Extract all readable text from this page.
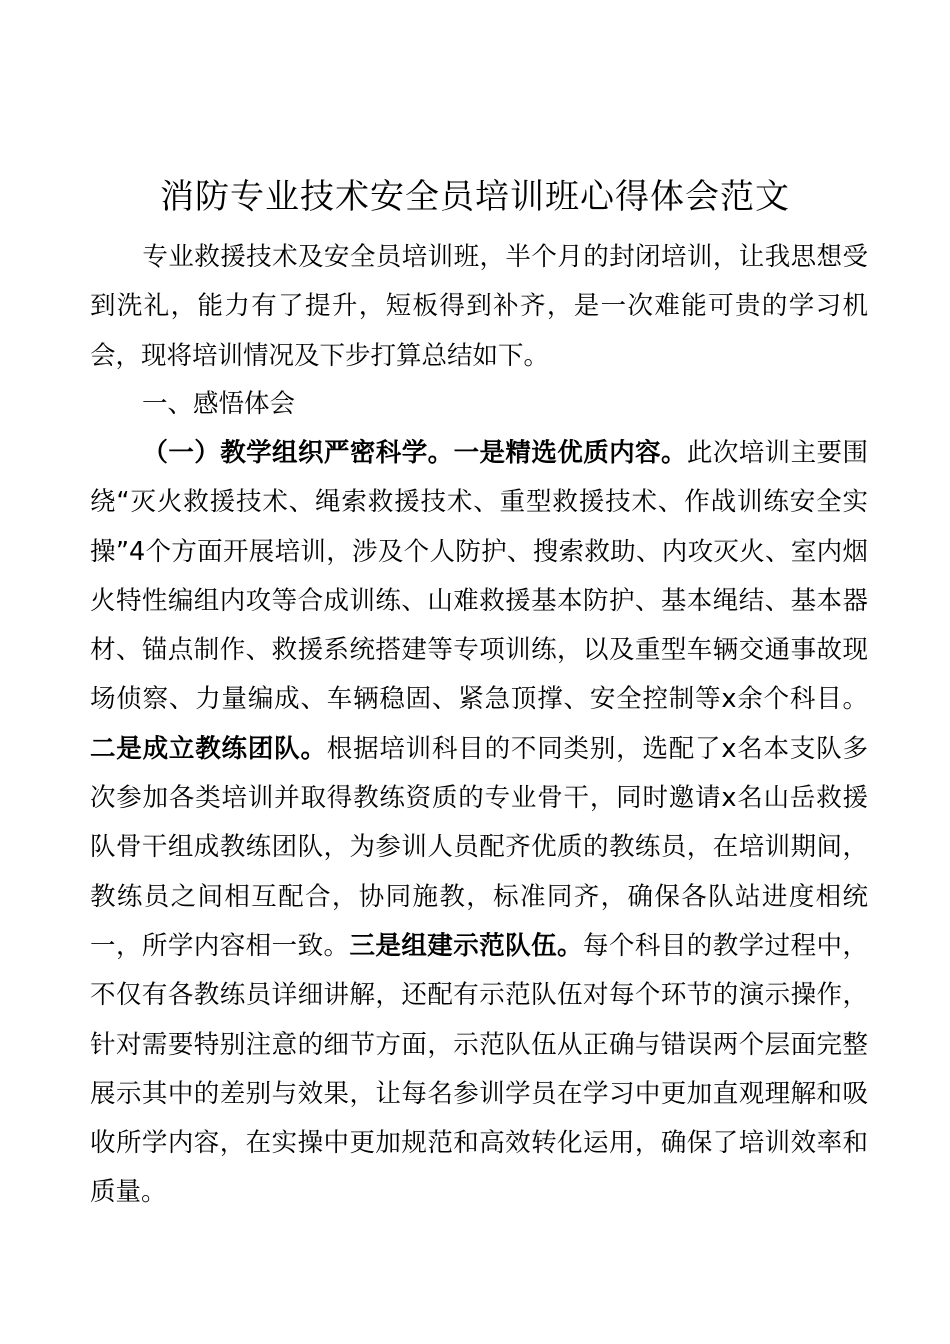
消防专业技术安全员培训班心得体会范文

专业救援技术及安全员培训班，半个月的封闭培训，让我思想受到洗礼，能力有了提升，短板得到补齐，是一次难能可贵的学习机会，现将培训情况及下步打算总结如下。

一、感悟体会

（一）教学组织严密科学。一是精选优质内容。此次培训主要围绕“灭火救援技术、绳索救援技术、重型救援技术、作战训练安全实操”4个方面开展培训，涉及个人防护、搜索救助、内攻灭火、室内烟火特性编组内攻等合成训练、山难救援基本防护、基本绳结、基本器材、锚点制作、救援系统搭建等专项训练，以及重型车辆交通事故现场侦察、力量编成、车辆稳固、紧急顶撑、安全控制等x余个科目。二是成立教练团队。根据培训科目的不同类别，选配了x名本支队多次参加各类培训并取得教练资质的专业骨干，同时邀请x名山岳救援队骨干组成教练团队，为参训人员配齐优质的教练员，在培训期间，教练员之间相互配合，协同施教，标准同齐，确保各队站进度相统一，所学内容相一致。三是组建示范队伍。每个科目的教学过程中，不仅有各教练员详细讲解，还配有示范队伍对每个环节的演示操作，针对需要特别注意的细节方面，示范队伍从正确与错误两个层面完整展示其中的差别与效果，让每名参训学员在学习中更加直观理解和吸收所学内容，在实操中更加规范和高效转化运用，确保了培训效率和质量。
